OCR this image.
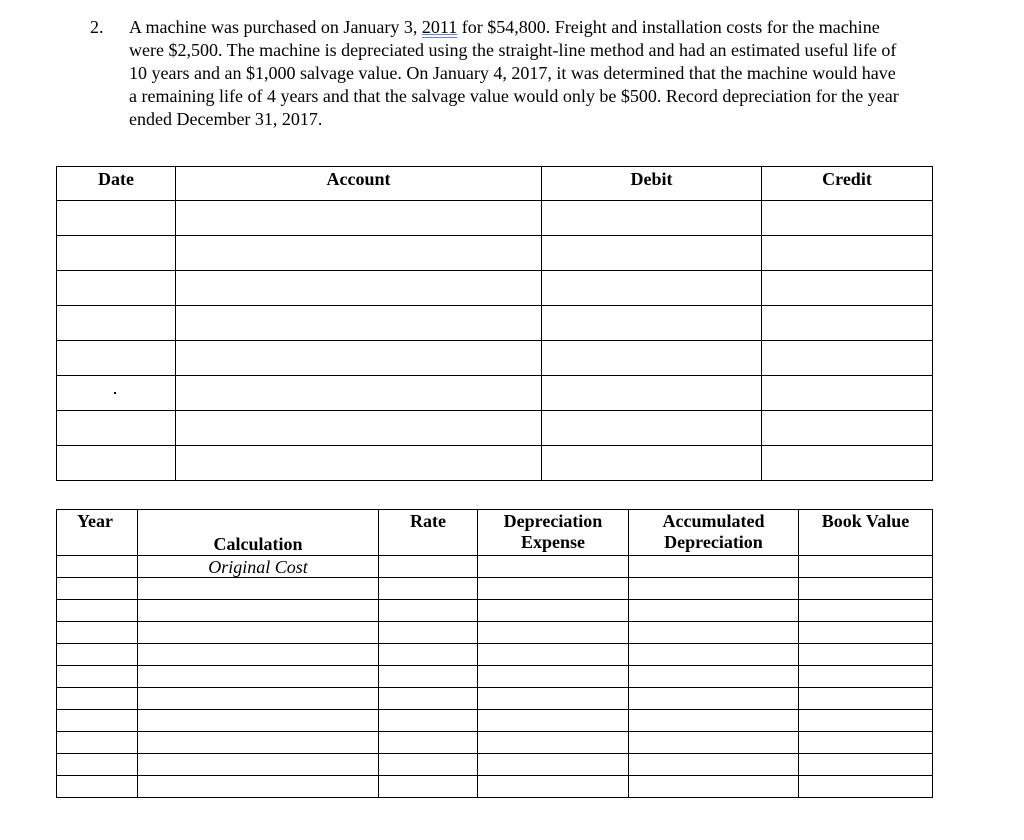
2. A machine was purchased on January 3, 2011 for $54,800. Freight and installation costs for the machine
were $2,500. The machine is depreciated using the straight-line method and had an estimated useful life of
10 years and an $1,000 salvage value. On January 4, 2017, it was determined that the machine would have
a remaining life of 4 years and that the salvage value would only be $500. Record depreciation for the year
ended December 31, 2017.
Date	Account	Debit	Credit

Year	Calculation	Rate	Depreciation Expense	Accumulated Depreciation	Book Value
	Original Cost				
